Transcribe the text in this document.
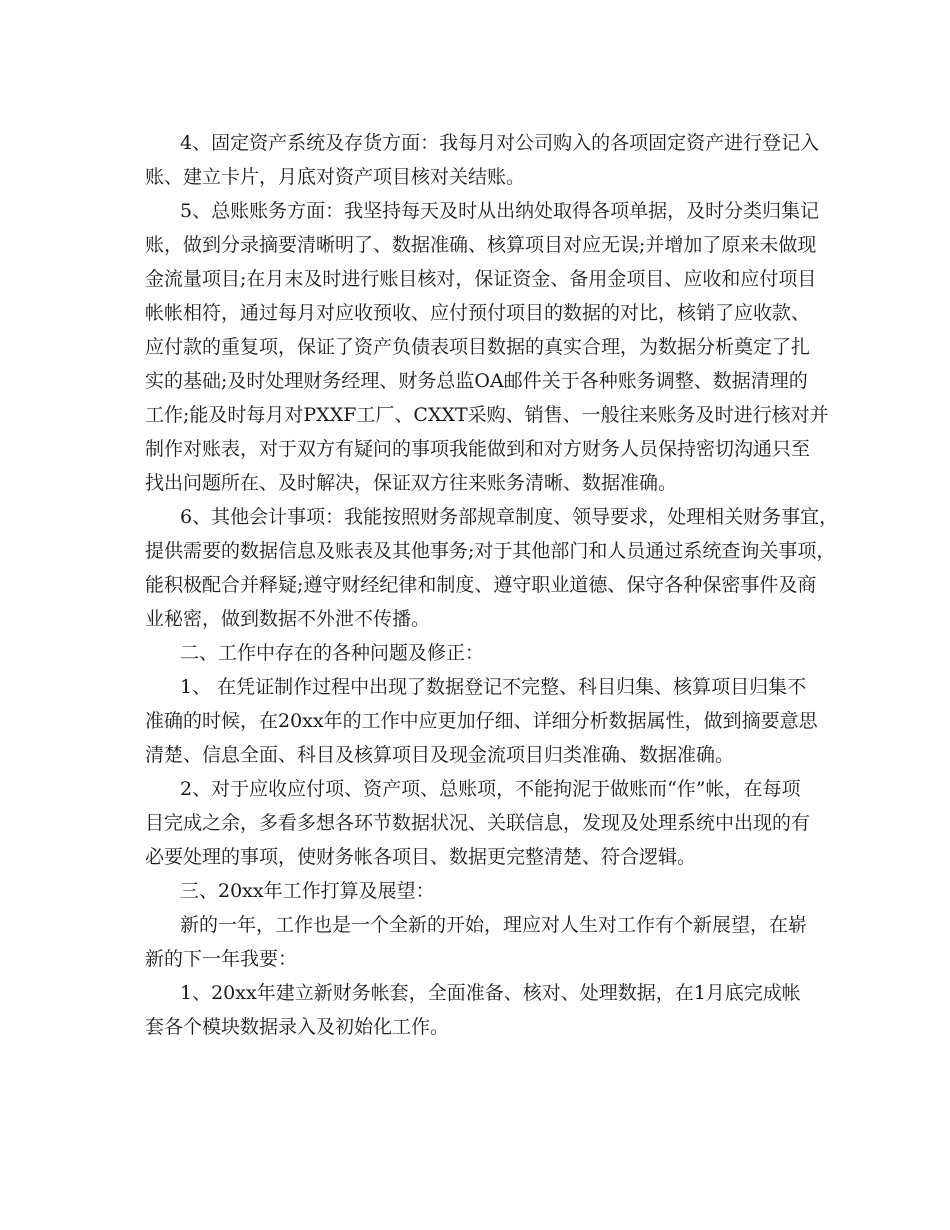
4、固定资产系统及存货方面：我每月对公司购入的各项固定资产进行登记入
账、建立卡片，月底对资产项目核对关结账。
5、总账账务方面：我坚持每天及时从出纳处取得各项单据，及时分类归集记
账，做到分录摘要清晰明了、数据准确、核算项目对应无误;并增加了原来未做现
金流量项目;在月末及时进行账目核对，保证资金、备用金项目、应收和应付项目
帐帐相符，通过每月对应收预收、应付预付项目的数据的对比，核销了应收款、
应付款的重复项，保证了资产负债表项目数据的真实合理，为数据分析奠定了扎
实的基础;及时处理财务经理、财务总监OA邮件关于各种账务调整、数据清理的
工作;能及时每月对PXXF工厂、CXXT采购、销售、一般往来账务及时进行核对并
制作对账表，对于双方有疑问的事项我能做到和对方财务人员保持密切沟通只至
找出问题所在、及时解决，保证双方往来账务清晰、数据准确。
6、其他会计事项：我能按照财务部规章制度、领导要求，处理相关财务事宜，
提供需要的数据信息及账表及其他事务;对于其他部门和人员通过系统查询关事项，
能积极配合并释疑;遵守财经纪律和制度、遵守职业道德、保守各种保密事件及商
业秘密，做到数据不外泄不传播。
二、工作中存在的各种问题及修正：
1、 在凭证制作过程中出现了数据登记不完整、科目归集、核算项目归集不
准确的时候，在20xx年的工作中应更加仔细、详细分析数据属性，做到摘要意思
清楚、信息全面、科目及核算项目及现金流项目归类准确、数据准确。
2、对于应收应付项、资产项、总账项，不能拘泥于做账而“作”帐，在每项
目完成之余，多看多想各环节数据状况、关联信息，发现及处理系统中出现的有
必要处理的事项，使财务帐各项目、数据更完整清楚、符合逻辑。
三、20xx年工作打算及展望：
新的一年，工作也是一个全新的开始，理应对人生对工作有个新展望，在崭
新的下一年我要：
1、20xx年建立新财务帐套，全面准备、核对、处理数据，在1月底完成帐
套各个模块数据录入及初始化工作。
